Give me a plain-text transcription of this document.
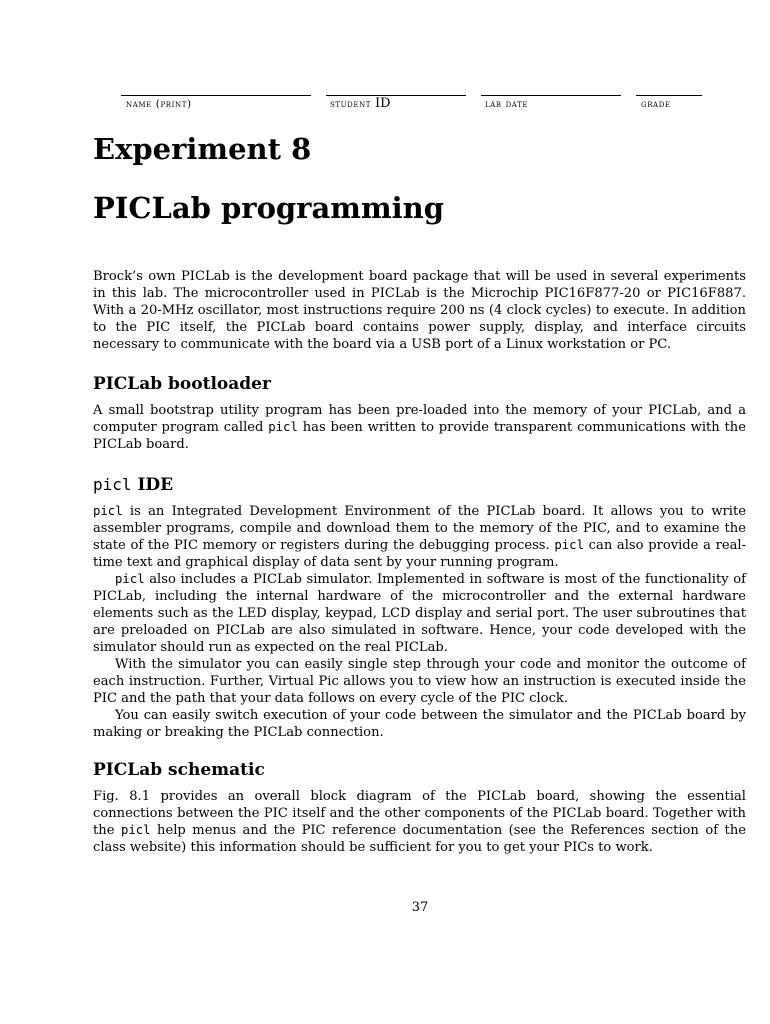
name (print)	student ID	lab date	grade
Experiment 8
PICLab programming

Brock’s own PICLab is the development board package that will be used in several experiments in this lab. The microcontroller used in PICLab is the Microchip PIC16F877-20 or PIC16F887. With a 20-MHz oscillator, most instructions require 200 ns (4 clock cycles) to execute. In addition to the PIC itself, the PICLab board contains power supply, display, and interface circuits necessary to communicate with the board via a USB port of a Linux workstation or PC.

PICLab bootloader

A small bootstrap utility program has been pre-loaded into the memory of your PICLab, and a computer program called picl has been written to provide transparent communications with the PICLab board.

picl IDE

picl is an Integrated Development Environment of the PICLab board. It allows you to write assembler programs, compile and download them to the memory of the PIC, and to examine the state of the PIC memory or registers during the debugging process. picl can also provide a real-time text and graphical display of data sent by your running program.

picl also includes a PICLab simulator. Implemented in software is most of the functionality of PICLab, including the internal hardware of the microcontroller and the external hardware elements such as the LED display, keypad, LCD display and serial port. The user subroutines that are preloaded on PICLab are also simulated in software. Hence, your code developed with the simulator should run as expected on the real PICLab.

With the simulator you can easily single step through your code and monitor the outcome of each instruction. Further, Virtual Pic allows you to view how an instruction is executed inside the PIC and the path that your data follows on every cycle of the PIC clock.

You can easily switch execution of your code between the simulator and the PICLab board by making or breaking the PICLab connection.

PICLab schematic

Fig. 8.1 provides an overall block diagram of the PICLab board, showing the essential connections between the PIC itself and the other components of the PICLab board. Together with the picl help menus and the PIC reference documentation (see the References section of the class website) this information should be sufficient for you to get your PICs to work.

37
